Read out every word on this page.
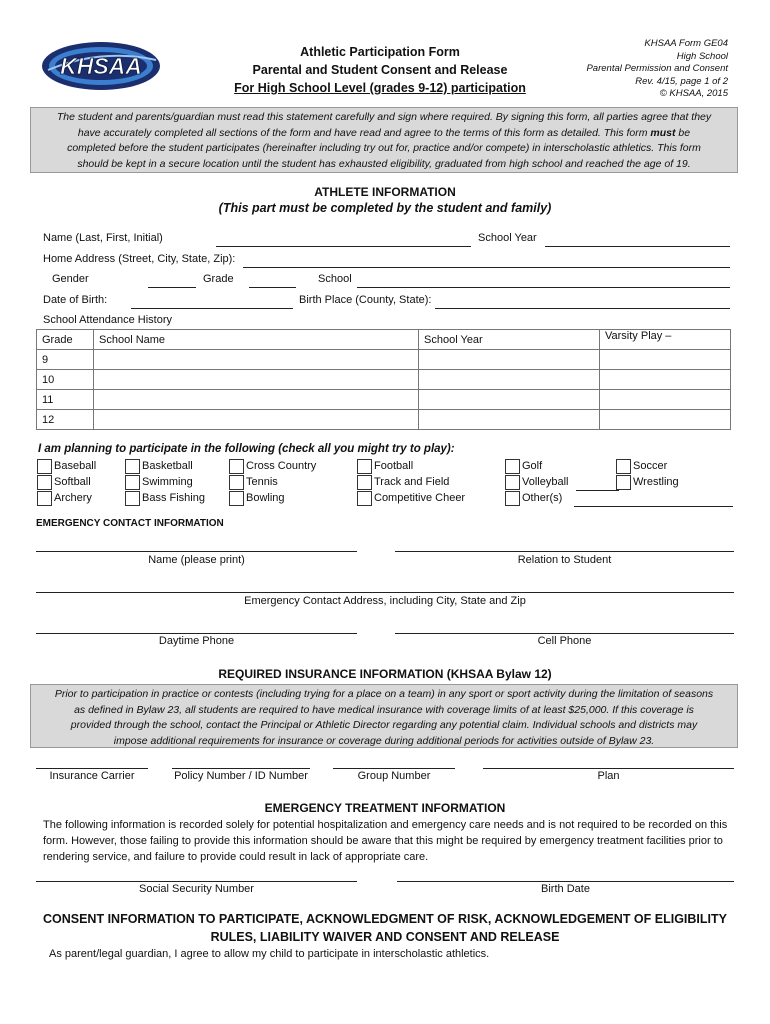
KHSAA
Athletic Participation Form
Parental and Student Consent and Release
For High School Level (grades 9-12) participation
KHSAA Form GE04
High School
Parental Permission and Consent
Rev. 4/15, page 1 of 2
© KHSAA, 2015
The student and parents/guardian must read this statement carefully and sign where required. By signing this form, all parties agree that they
have accurately completed all sections of the form and have read and agree to the terms of this form as detailed. This form must be
completed before the student participates (hereinafter including try out for, practice and/or compete) in interscholastic athletics. This form
should be kept in a secure location until the student has exhausted eligibility, graduated from high school and reached the age of 19.
ATHLETE INFORMATION
(This part must be completed by the student and family)
Name (Last, First, Initial)	School Year
Home Address (Street, City, State, Zip):
Gender	Grade	School
Date of Birth:	Birth Place (County, State):
School Attendance History
Grade	School Name	School Year	Varsity Play –
9			
10			
11			
12			
I am planning to participate in the following (check all you might try to play):
Baseball
Softball
Archery
Basketball
Swimming
Bass Fishing
Cross Country
Tennis
Bowling
Football
Track and Field
Competitive Cheer
Golf
Volleyball
Other(s)
Soccer
Wrestling
EMERGENCY CONTACT INFORMATION
Name (please print)	Relation to Student
Emergency Contact Address, including City, State and Zip
Daytime Phone	Cell Phone
REQUIRED INSURANCE INFORMATION (KHSAA Bylaw 12)
Prior to participation in practice or contests (including trying for a place on a team) in any sport or sport activity during the limitation of seasons
as defined in Bylaw 23, all students are required to have medical insurance with coverage limits of at least $25,000. If this coverage is
provided through the school, contact the Principal or Athletic Director regarding any potential claim. Individual schools and districts may
impose additional requirements for insurance or coverage during additional periods for activities outside of Bylaw 23.
Insurance Carrier	Policy Number / ID Number	Group Number	Plan
EMERGENCY TREATMENT INFORMATION
The following information is recorded solely for potential hospitalization and emergency care needs and is not required to be recorded on this
form. However, those failing to provide this information should be aware that this might be required by emergency treatment facilities prior to
rendering service, and failure to provide could result in lack of appropriate care.
Social Security Number	Birth Date
CONSENT INFORMATION TO PARTICIPATE, ACKNOWLEDGMENT OF RISK, ACKNOWLEDGEMENT OF ELIGIBILITY
RULES, LIABILITY WAIVER AND CONSENT AND RELEASE
As parent/legal guardian, I agree to allow my child to participate in interscholastic athletics.
